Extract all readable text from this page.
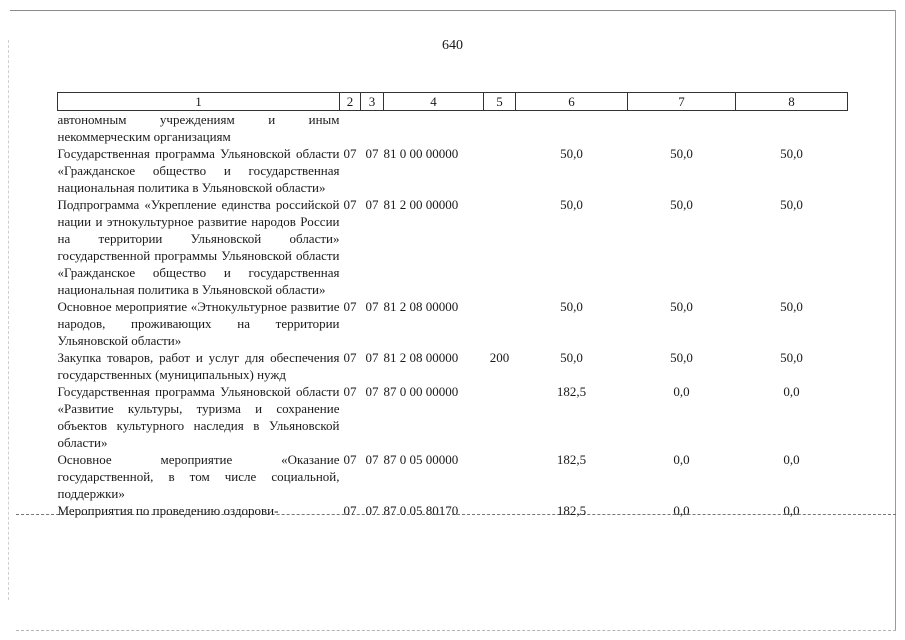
640
1	2	3	4	5	6	7	8
автономным учреждениям и иным некоммерческим организациям							
Государственная программа Ульяновской области «Гражданское общество и государственная национальная политика в Ульяновской области»	07	07	81 0 00 00000		50,0	50,0	50,0
Подпрограмма «Укрепление единства российской нации и этнокультурное развитие народов России на территории Ульяновской области» государственной программы Ульяновской области «Гражданское общество и государственная национальная политика в Ульяновской области»	07	07	81 2 00 00000		50,0	50,0	50,0
Основное мероприятие «Этнокультурное развитие народов, проживающих на территории Ульяновской области»	07	07	81 2 08 00000		50,0	50,0	50,0
Закупка товаров, работ и услуг для обеспечения государственных (муниципальных) нужд	07	07	81 2 08 00000	200	50,0	50,0	50,0
Государственная программа Ульяновской области «Развитие культуры, туризма и сохранение объектов культурного наследия в Ульяновской области»	07	07	87 0 00 00000		182,5	0,0	0,0
Основное мероприятие «Оказание государственной, в том числе социальной, поддержки»	07	07	87 0 05 00000		182,5	0,0	0,0
Мероприятия по проведению оздорови-	07	07	87 0 05 80170		182,5	0,0	0,0
